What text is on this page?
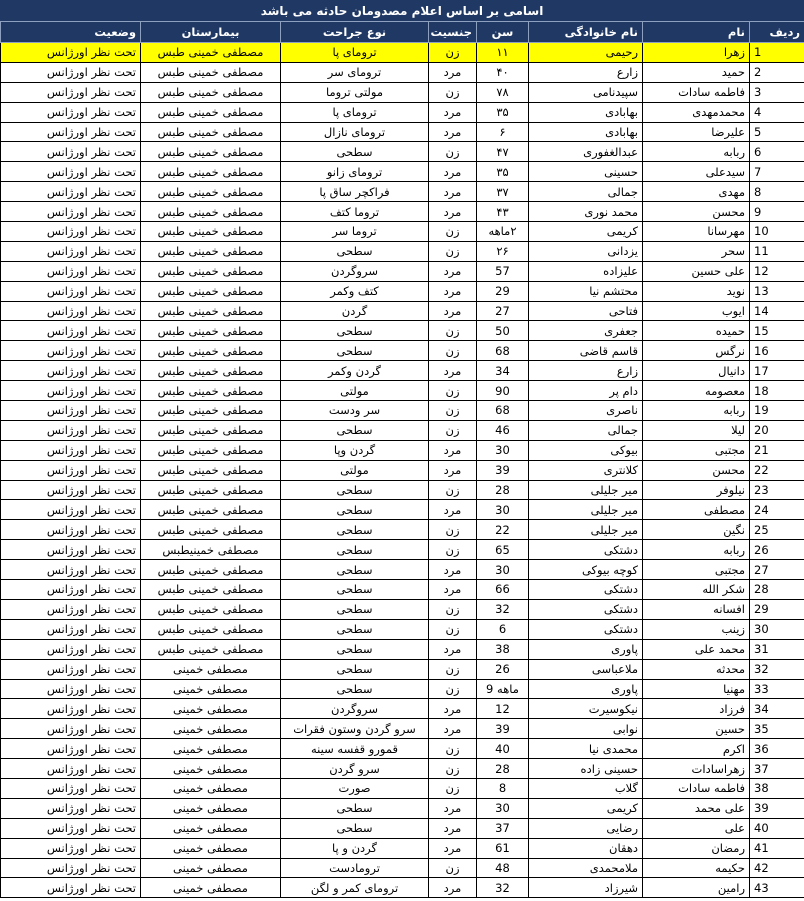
اسامی بر اساس اعلام مصدومان حادثه می باشد
ردیف	نام	نام خانوادگی	سن	جنسیت	نوع جراحت	بیمارستان	وضعیت
1	زهرا	رحیمی	۱۱	زن	ترومای پا	مصطفی خمینی طبس	تحت نظر اورژانس
2	حمید	زارع	۴۰	مرد	ترومای سر	مصطفی خمینی طبس	تحت نظر اورژانس
3	فاطمه سادات	سپیدنامی	۷۸	زن	مولتی تروما	مصطفی خمینی طبس	تحت نظر اورژانس
4	محمدمهدی	بهابادی	۳۵	مرد	ترومای پا	مصطفی خمینی طبس	تحت نظر اورژانس
5	علیرضا	بهابادی	۶	مرد	ترومای نازال	مصطفی خمینی طبس	تحت نظر اورژانس
6	ربابه	عبدالغفوری	۴۷	زن	سطحی	مصطفی خمینی طبس	تحت نظر اورژانس
7	سیدعلی	حسینی	۳۵	مرد	ترومای زانو	مصطفی خمینی طبس	تحت نظر اورژانس
8	مهدی	جمالی	۳۷	مرد	فراکچر ساق پا	مصطفی خمینی طبس	تحت نظر اورژانس
9	محسن	محمد نوری	۴۳	مرد	تروما کتف	مصطفی خمینی طبس	تحت نظر اورژانس
10	مهرسانا	کریمی	۲ماهه	زن	تروما سر	مصطفی خمینی طبس	تحت نظر اورژانس
11	سحر	یزدانی	۲۶	زن	سطحی	مصطفی خمینی طبس	تحت نظر اورژانس
12	علی حسین	علیزاده	57	مرد	سروگردن	مصطفی خمینی طبس	تحت نظر اورژانس
13	نوید	محتشم نیا	29	مرد	کتف وکمر	مصطفی خمینی طبس	تحت نظر اورژانس
14	ایوب	فتاحی	27	مرد	گردن	مصطفی خمینی طبس	تحت نظر اورژانس
15	حمیده	جعفری	50	زن	سطحی	مصطفی خمینی طبس	تحت نظر اورژانس
16	نرگس	قاسم قاضی	68	زن	سطحی	مصطفی خمینی طبس	تحت نظر اورژانس
17	دانیال	زارع	34	مرد	گردن وکمر	مصطفی خمینی طبس	تحت نظر اورژانس
18	معصومه	دام پر	90	زن	مولتی	مصطفی خمینی طبس	تحت نظر اورژانس
19	ربابه	ناصری	68	زن	سر ودست	مصطفی خمینی طبس	تحت نظر اورژانس
20	لیلا	جمالی	46	زن	سطحی	مصطفی خمینی طبس	تحت نظر اورژانس
21	مجتبی	بیوکی	30	مرد	گردن وپا	مصطفی خمینی طبس	تحت نظر اورژانس
22	محسن	کلانتری	39	مرد	مولتی	مصطفی خمینی طبس	تحت نظر اورژانس
23	نیلوفر	میر جلیلی	28	زن	سطحی	مصطفی خمینی طبس	تحت نظر اورژانس
24	مصطفی	میر جلیلی	30	مرد	سطحی	مصطفی خمینی طبس	تحت نظر اورژانس
25	نگین	میر جلیلی	22	زن	سطحی	مصطفی خمینی طبس	تحت نظر اورژانس
26	ربابه	دشتکی	65	زن	سطحی	مصطفی خمینیطبس	تحت نظر اورژانس
27	مجتبی	کوچه بیوکی	30	مرد	سطحی	مصطفی خمینی طبس	تحت نظر اورژانس
28	شکر الله	دشتکی	66	مرد	سطحی	مصطفی خمینی طبس	تحت نظر اورژانس
29	افسانه	دشتکی	32	زن	سطحی	مصطفی خمینی طبس	تحت نظر اورژانس
30	زینب	دشتکی	6	زن	سطحی	مصطفی خمینی طبس	تحت نظر اورژانس
31	محمد علی	پاوری	38	مرد	سطحی	مصطفی خمینی طبس	تحت نظر اورژانس
32	محدثه	ملاعباسی	26	زن	سطحی	مصطفی خمینی	تحت نظر اورژانس
33	مهنیا	پاوری	ماهه 9	زن	سطحی	مصطفی خمینی	تحت نظر اورژانس
34	فرزاد	نیکوسیرت	12	مرد	سروگردن	مصطفی خمینی	تحت نظر اورژانس
35	حسین	نوابی	39	مرد	سرو گردن وستون فقرات	مصطفی خمینی	تحت نظر اورژانس
36	اکرم	محمدی نیا	40	زن	قمورو قفسه سینه	مصطفی خمینی	تحت نظر اورژانس
37	زهراسادات	حسینی زاده	28	زن	سرو گردن	مصطفی خمینی	تحت نظر اورژانس
38	فاطمه سادات	گلاب	8	زن	صورت	مصطفی خمینی	تحت نظر اورژانس
39	علی محمد	کریمی	30	مرد	سطحی	مصطفی خمینی	تحت نظر اورژانس
40	علی	رضایی	37	مرد	سطحی	مصطفی خمینی	تحت نظر اورژانس
41	رمضان	دهقان	61	مرد	گردن و پا	مصطفی خمینی	تحت نظر اورژانس
42	حکیمه	ملامحمدی	48	زن	ترومادست	مصطفی خمینی	تحت نظر اورژانس
43	رامین	شیرزاد	32	مرد	ترومای کمر و لگن	مصطفی خمینی	تحت نظر اورژانس
